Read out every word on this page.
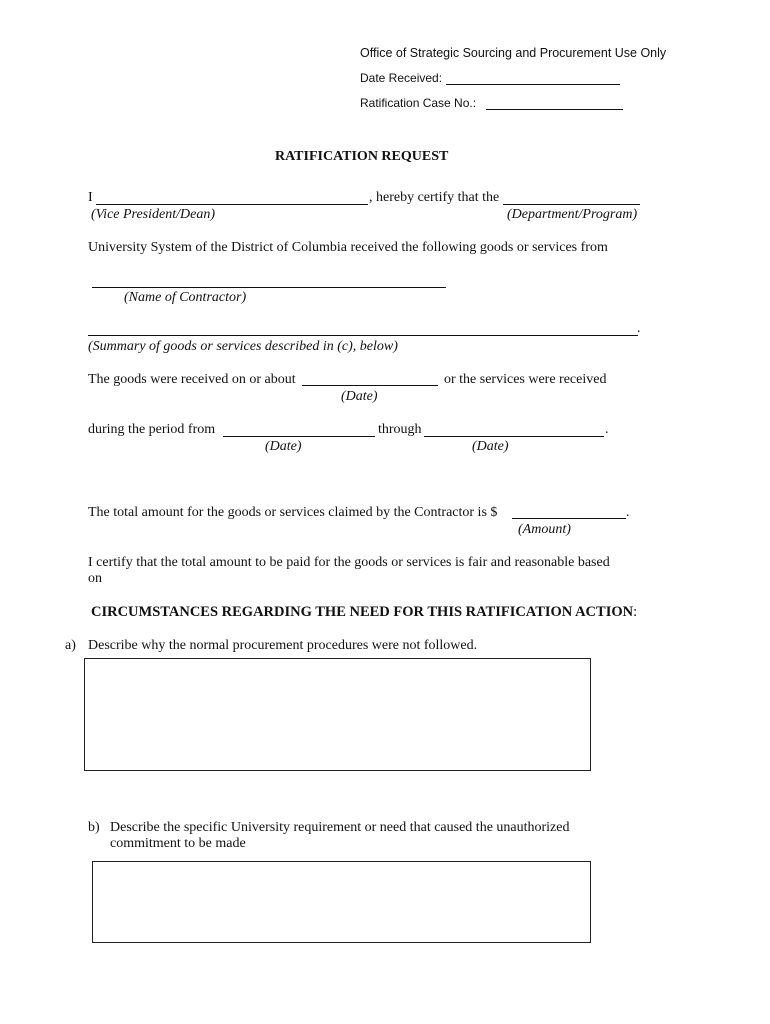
Office of Strategic Sourcing and Procurement Use Only
Date Received:
Ratification Case No.:
RATIFICATION REQUEST
I	, hereby certify that the
(Vice President/Dean)	(Department/Program)
University System of the District of Columbia received the following goods or services from
(Name of Contractor)
.
(Summary of goods or services described in (c), below)
The goods were received on or about	or the services were received
(Date)
during the period from	through	.
(Date)	(Date)
The total amount for the goods or services claimed by the Contractor is $	.
(Amount)
I certify that the total amount to be paid for the goods or services is fair and reasonable based
on
CIRCUMSTANCES REGARDING THE NEED FOR THIS RATIFICATION ACTION:
a) Describe why the normal procurement procedures were not followed.
b) Describe the specific University requirement or need that caused the unauthorized
commitment to be made
